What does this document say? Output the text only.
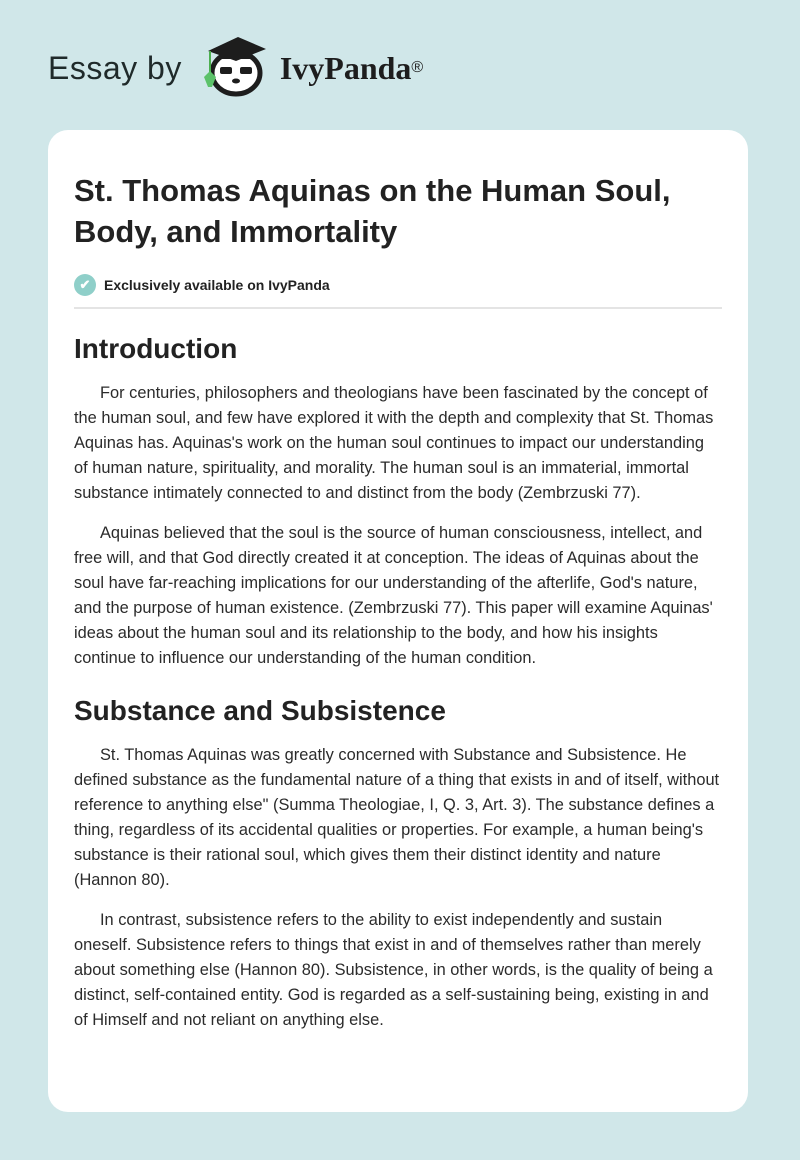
Essay by	IvyPanda ®
St. Thomas Aquinas on the Human Soul, Body, and Immortality
✔ Exclusively available on IvyPanda
Introduction

For centuries, philosophers and theologians have been fascinated by the concept of the human soul, and few have explored it with the depth and complexity that St. Thomas Aquinas has. Aquinas's work on the human soul continues to impact our understanding of human nature, spirituality, and morality. The human soul is an immaterial, immortal substance intimately connected to and distinct from the body (Zembrzuski 77).

Aquinas believed that the soul is the source of human consciousness, intellect, and free will, and that God directly created it at conception. The ideas of Aquinas about the soul have far-reaching implications for our understanding of the afterlife, God's nature, and the purpose of human existence. (Zembrzuski 77). This paper will examine Aquinas' ideas about the human soul and its relationship to the body, and how his insights continue to influence our understanding of the human condition.

Substance and Subsistence

St. Thomas Aquinas was greatly concerned with Substance and Subsistence. He defined substance as the fundamental nature of a thing that exists in and of itself, without reference to anything else" (Summa Theologiae, I, Q. 3, Art. 3). The substance defines a thing, regardless of its accidental qualities or properties. For example, a human being's substance is their rational soul, which gives them their distinct identity and nature (Hannon 80).

In contrast, subsistence refers to the ability to exist independently and sustain oneself. Subsistence refers to things that exist in and of themselves rather than merely about something else (Hannon 80). Subsistence, in other words, is the quality of being a distinct, self-contained entity. God is regarded as a self-sustaining being, existing in and of Himself and not reliant on anything else.
